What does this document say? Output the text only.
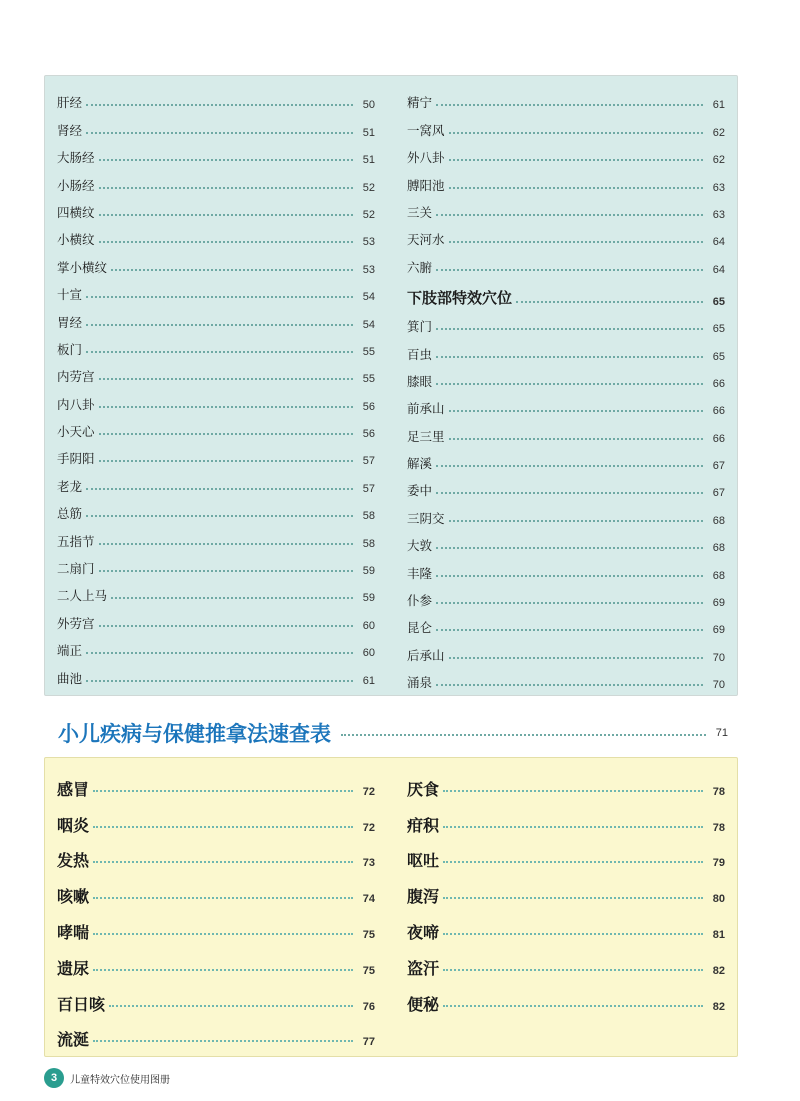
肝经	50
肾经	51
大肠经	51
小肠经	52
四横纹	52
小横纹	53
掌小横纹	53
十宣	54
胃经	54
板门	55
内劳宫	55
内八卦	56
小天心	56
手阴阳	57
老龙	57
总筋	58
五指节	58
二扇门	59
二人上马	59
外劳宫	60
端正	60
曲池	61
精宁	61
一窝风	62
外八卦	62
膊阳池	63
三关	63
天河水	64
六腑	64
下肢部特效穴位	65
箕门	65
百虫	65
膝眼	66
前承山	66
足三里	66
解溪	67
委中	67
三阴交	68
大敦	68
丰隆	68
仆参	69
昆仑	69
后承山	70
涌泉	70
小儿疾病与保健推拿法速查表	71
感冒	72
咽炎	72
发热	73
咳嗽	74
哮喘	75
遗尿	75
百日咳	76
流涎	77
厌食	78
疳积	78
呕吐	79
腹泻	80
夜啼	81
盗汗	82
便秘	82
3	儿童特效穴位使用图册
